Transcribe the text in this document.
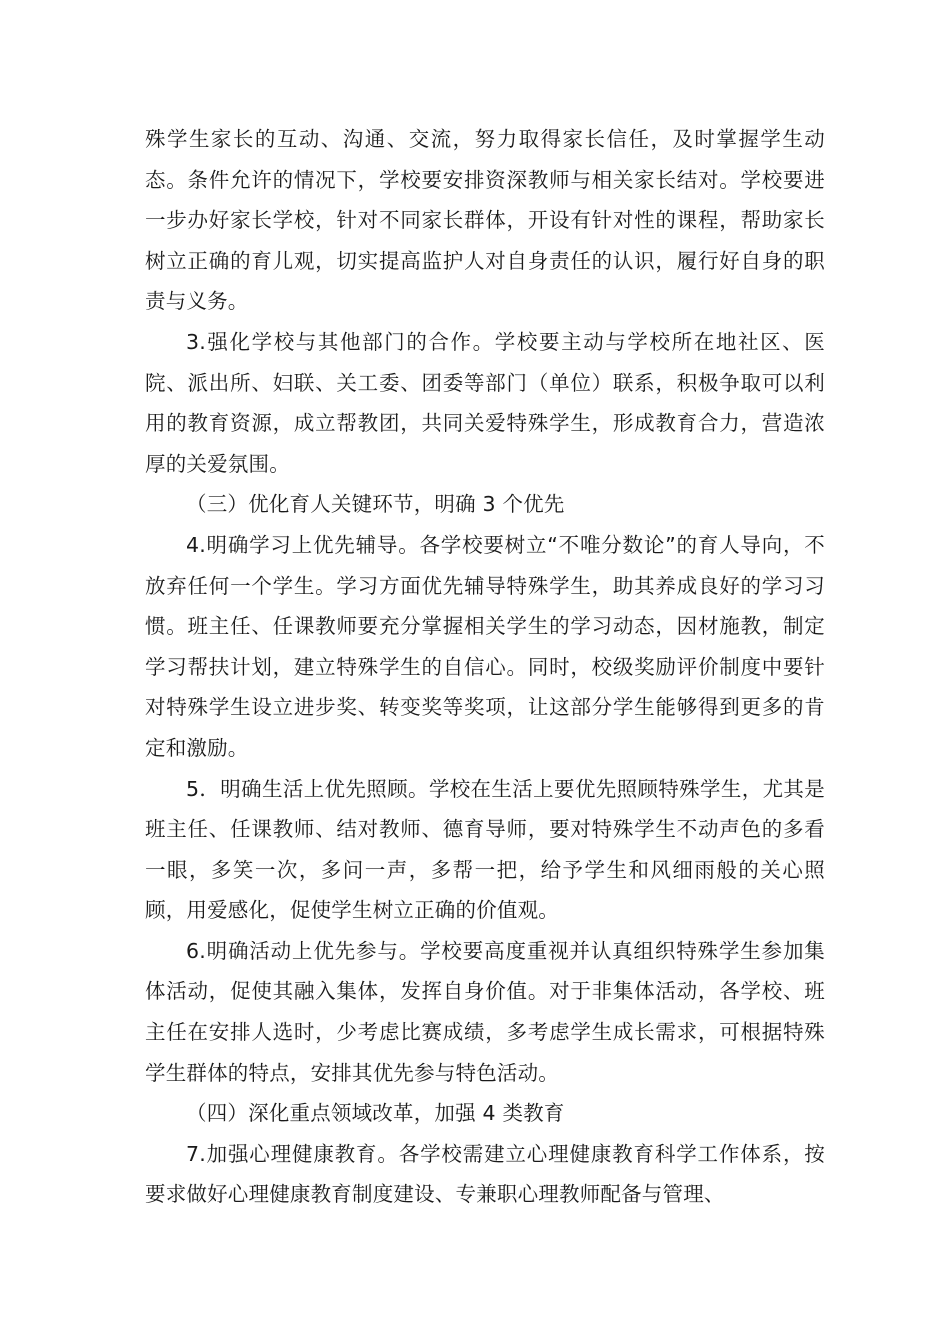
殊学生家长的互动、沟通、交流，努力取得家长信任，及时掌握学生动态。条件允许的情况下，学校要安排资深教师与相关家长结对。学校要进一步办好家长学校，针对不同家长群体，开设有针对性的课程，帮助家长树立正确的育儿观，切实提高监护人对自身责任的认识，履行好自身的职责与义务。

3.强化学校与其他部门的合作。学校要主动与学校所在地社区、医院、派出所、妇联、关工委、团委等部门（单位）联系，积极争取可以利用的教育资源，成立帮教团，共同关爱特殊学生，形成教育合力，营造浓厚的关爱氛围。

（三）优化育人关键环节，明确 3 个优先

4.明确学习上优先辅导。各学校要树立“不唯分数论”的育人导向，不放弃任何一个学生。学习方面优先辅导特殊学生，助其养成良好的学习习惯。班主任、任课教师要充分掌握相关学生的学习动态，因材施教，制定学习帮扶计划，建立特殊学生的自信心。同时，校级奖励评价制度中要针对特殊学生设立进步奖、转变奖等奖项，让这部分学生能够得到更多的肯定和激励。

5．明确生活上优先照顾。学校在生活上要优先照顾特殊学生，尤其是班主任、任课教师、结对教师、德育导师，要对特殊学生不动声色的多看一眼，多笑一次，多问一声，多帮一把，给予学生和风细雨般的关心照顾，用爱感化，促使学生树立正确的价值观。

6.明确活动上优先参与。学校要高度重视并认真组织特殊学生参加集体活动，促使其融入集体，发挥自身价值。对于非集体活动，各学校、班主任在安排人选时，少考虑比赛成绩，多考虑学生成长需求，可根据特殊学生群体的特点，安排其优先参与特色活动。

（四）深化重点领域改革，加强 4 类教育

7.加强心理健康教育。各学校需建立心理健康教育科学工作体系，按要求做好心理健康教育制度建设、专兼职心理教师配备与管理、
